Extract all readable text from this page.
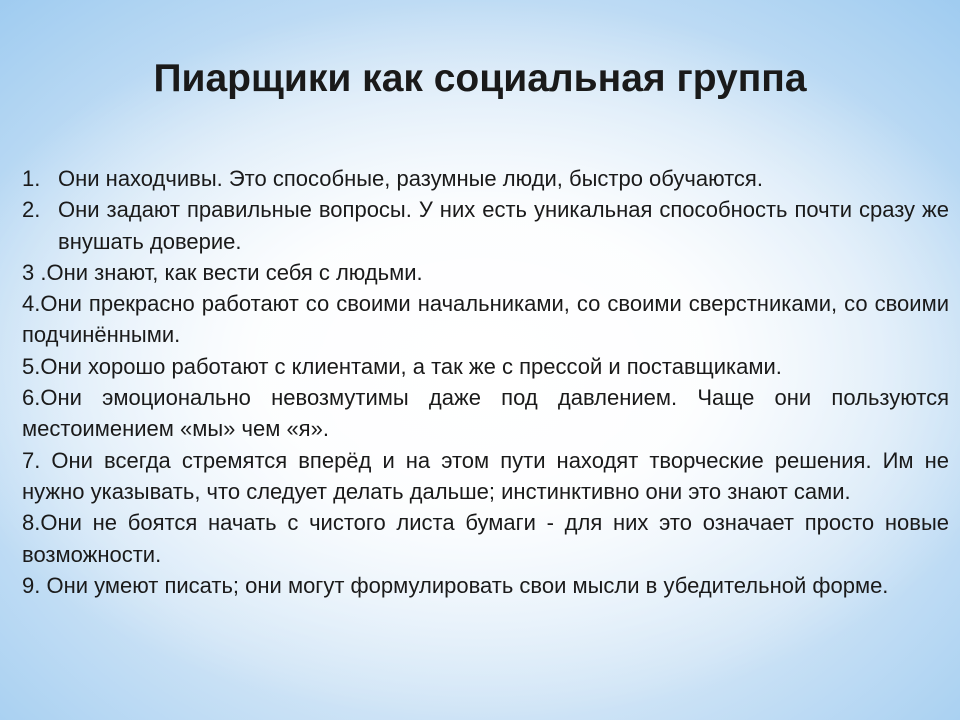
Пиарщики как социальная группа

1. Они находчивы. Это способные, разумные люди, быстро обучаются.

2. Они задают правильные вопросы. У них есть уникальная способность почти сразу же внушать доверие.

3 .Они знают, как вести себя с людьми.

4.Они прекрасно работают со своими начальниками, со своими сверстниками, со своими подчинёнными.

5.Они хорошо работают с клиентами, а так же с прессой и поставщиками.

6.Они эмоционально невозмутимы даже под давлением. Чаще они пользуются местоимением «мы» чем «я».

7. Они всегда стремятся вперёд и на этом пути находят творческие решения. Им не нужно указывать, что следует делать дальше; инстинктивно они это знают сами.

8.Они не боятся начать с чистого листа бумаги - для них это означает просто новые возможности.

9. Они умеют писать; они могут формулировать свои мысли в убедительной форме.
